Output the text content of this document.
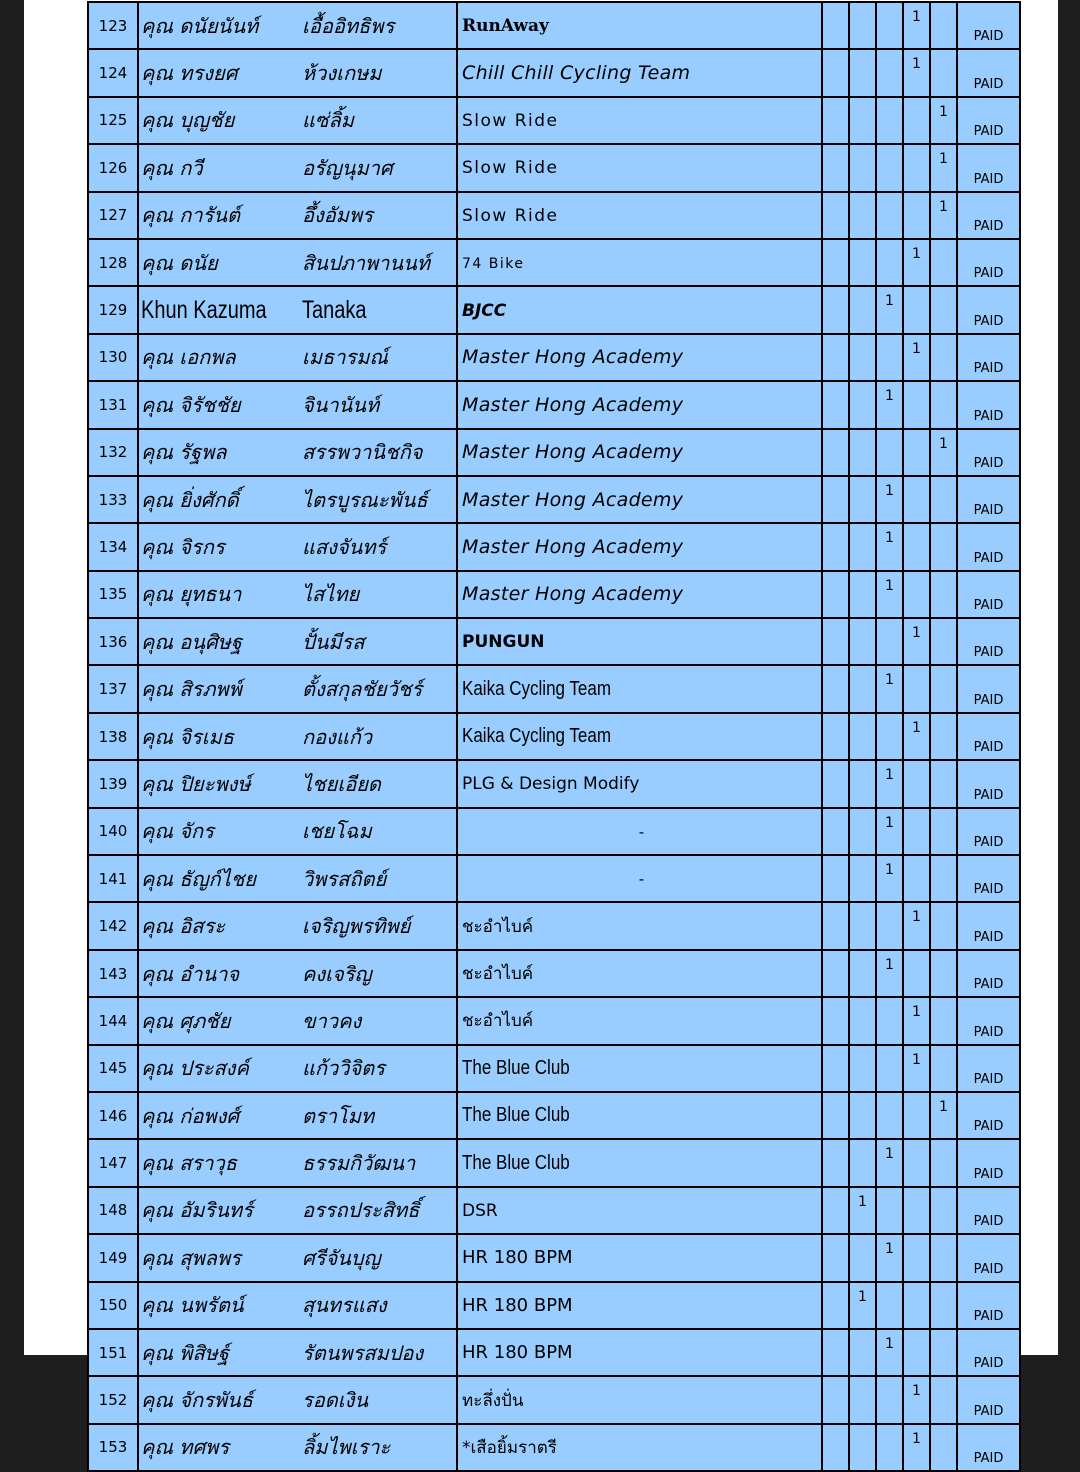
123	คุณ ดนัยนันท์	เอื้ออิทธิพร	RunAway				1		PAID
124	คุณ ทรงยศ	ห้วงเกษม	Chill Chill Cycling Team				1		PAID
125	คุณ บุญชัย	แซ่ลิ้ม	Slow Ride					1	PAID
126	คุณ กวี	อรัญนุมาศ	Slow Ride					1	PAID
127	คุณ การันต์	อึ้งอัมพร	Slow Ride					1	PAID
128	คุณ ดนัย	สินปภาพานนท์	74 Bike				1		PAID
129	Khun Kazuma	Tanaka	BJCC			1			PAID
130	คุณ เอกพล	เมธารมณ์	Master Hong Academy				1		PAID
131	คุณ จิรัชชัย	จินานันท์	Master Hong Academy			1			PAID
132	คุณ รัฐพล	สรรพวานิชกิจ	Master Hong Academy					1	PAID
133	คุณ ยิ่งศักดิ์	ไตรบูรณะพันธ์	Master Hong Academy			1			PAID
134	คุณ จิรกร	แสงจันทร์	Master Hong Academy			1			PAID
135	คุณ ยุทธนา	ไสไทย	Master Hong Academy			1			PAID
136	คุณ อนุศิษฐ	ปั้นมีรส	PUNGUN				1		PAID
137	คุณ สิรภพพ์	ตั้งสกุลชัยวัชร์	Kaika Cycling Team			1			PAID
138	คุณ จิรเมธ	กองแก้ว	Kaika Cycling Team				1		PAID
139	คุณ ปิยะพงษ์	ไชยเอียด	PLG & Design Modify			1			PAID
140	คุณ จักร	เชยโฉม	-			1			PAID
141	คุณ ธัญก์ไชย	วิพรสถิตย์	-			1			PAID
142	คุณ อิสระ	เจริญพรทิพย์	ชะอำไบค์				1		PAID
143	คุณ อำนาจ	คงเจริญ	ชะอำไบค์			1			PAID
144	คุณ ศุภชัย	ขาวคง	ชะอำไบค์				1		PAID
145	คุณ ประสงค์	แก้ววิจิตร	The Blue Club				1		PAID
146	คุณ ก่อพงศ์	ตราโมท	The Blue Club					1	PAID
147	คุณ สราวุธ	ธรรมกิวัฒนา	The Blue Club			1			PAID
148	คุณ อัมรินทร์	อรรถประสิทธิ์	DSR		1				PAID
149	คุณ สุพลพร	ศรีจันบุญ	HR 180 BPM			1			PAID
150	คุณ นพรัตน์	สุนทรแสง	HR 180 BPM		1				PAID
151	คุณ พิสิษฐ์	รัตนพรสมปอง	HR 180 BPM			1			PAID
152	คุณ จักรพันธ์	รอดเงิน	ทะลึ่งปั่น				1		PAID
153	คุณ ทศพร	ลิ้มไพเราะ	*เสือยิ้มราตรี				1		PAID
